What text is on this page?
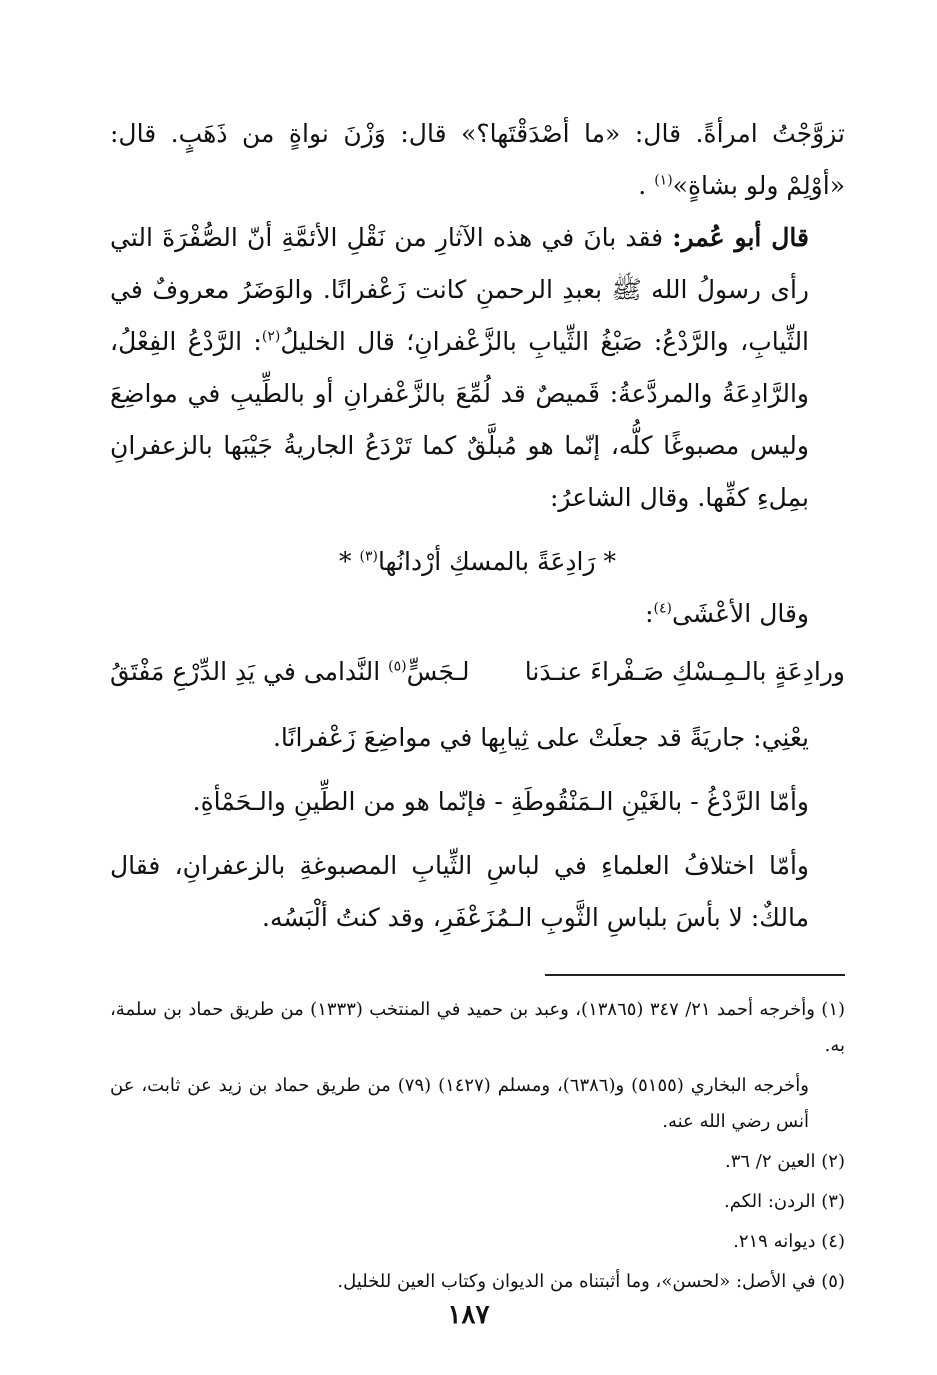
تزوَّجْتُ امرأةً. قال: «ما أصْدَقْتَها؟» قال: وَزْنَ نواةٍ من ذَهَبٍ. قال: «أوْلِمْ ولو بشاةٍ»$^{(١)}$ .

قال أبو عُمر: فقد بانَ في هذه الآثارِ من نَقْلِ الأئمَّةِ أنّ الصُّفْرَةَ التي رأى رسولُ الله ﷺ بعبدِ الرحمنِ كانت زَعْفرانًا. والوَضَرُ معروفٌ في الثِّيابِ، والرَّدْعُ: صَبْغُ الثِّيابِ بالزَّعْفرانِ؛ قال الخليلُ$^{(٢)}$: الرَّدْعُ الفِعْلُ، والرَّادِعَةُ والمردَّعةُ: قَميصٌ قد لُمِّعَ بالزَّعْفرانِ أو بالطِّيبِ في مواضِعَ وليس مصبوغًا كلُّه، إنّما هو مُبلَّقٌ كما تَرْدَعُ الجاريةُ جَيْبَها بالزعفرانِ بمِلءِ كفِّها. وقال الشاعرُ:

* رَادِعَةً بالمسكِ أرْدانُها$^{(٣)}$ *

وقال الأعْشَى$^{(٤)}$:

ورادِعَةٍ بالـمِـسْكِ صَـفْراءَ عنـدَنا
لـجَسٍّ$^{(٥)}$ النَّدامى في يَدِ الدِّرْعِ مَفْتَقُ

يعْنِي: جاريَةً قد جعلَتْ على ثِيابِها في مواضِعَ زَعْفرانًا.

وأمّا الرَّدْغُ - بالغَيْنِ الـمَنْقُوطَةِ - فإنّما هو من الطِّينِ والـحَمْأةِ.

وأمّا اختلافُ العلماءِ في لباسِ الثِّيابِ المصبوغةِ بالزعفرانِ، فقال مالكٌ: لا بأسَ بلباسِ الثَّوبِ الـمُزَعْفَرِ، وقد كنتُ ألْبَسُه.

(١) وأخرجه أحمد ٢١/ ٣٤٧ (١٣٨٦٥)، وعبد بن حميد في المنتخب (١٣٣٣) من طريق حماد بن سلمة، به.

وأخرجه البخاري (٥١٥٥) و(٦٣٨٦)، ومسلم (١٤٢٧) (٧٩) من طريق حماد بن زيد عن ثابت، عن أنس رضي الله عنه.

(٢) العين ٢/ ٣٦.

(٣) الردن: الكم.

(٤) ديوانه ٢١٩.

(٥) في الأصل: «لحسن»، وما أثبتناه من الديوان وكتاب العين للخليل.

١٨٧
